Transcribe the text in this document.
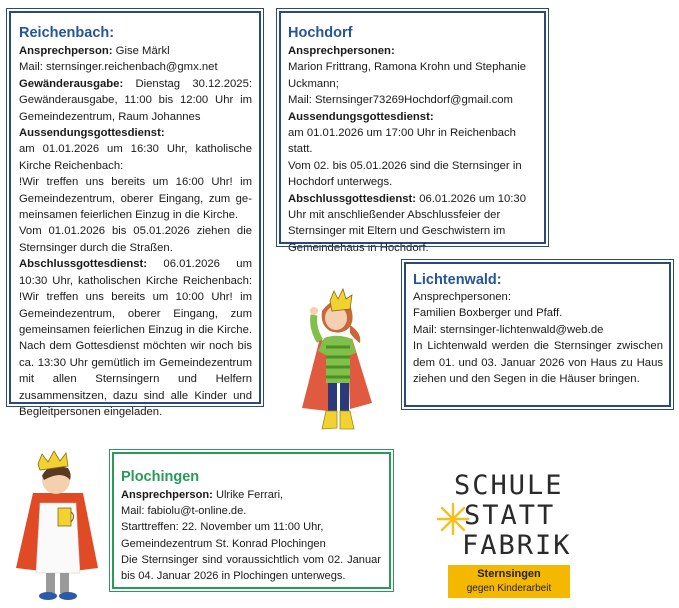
Reichenbach:

Ansprechperson: Gise Märkl

Mail: sternsinger.reichenbach@gmx.net

Gewänderausgabe: Dienstag 30.12.2025: Gewänderausgabe, 11:00 bis 12:00 Uhr im Gemeindezentrum, Raum Johannes

Aussendungsgottesdienst:

am 01.01.2026 um 16:30 Uhr, katholische Kirche Reichenbach:

!Wir treffen uns bereits um 16:00 Uhr! im Gemeindezentrum, oberer Eingang, zum gemeinsamen feierlichen Einzug in die Kirche.

Vom 01.01.2026 bis 05.01.2026 ziehen die Sternsinger durch die Straßen.

Abschlussgottesdienst: 06.01.2026 um 10:30 Uhr, katholischen Kirche Reichenbach: !Wir treffen uns bereits um 10:00 Uhr! im Gemeindezentrum, oberer Eingang, zum gemeinsamen feierlichen Einzug in die Kirche. Nach dem Gottesdienst möchten wir noch bis ca. 13:30 Uhr gemütlich im Gemeindezentrum mit allen Sternsingern und Helfern zusammensitzen, dazu sind alle Kinder und Begleitpersonen eingeladen.

Hochdorf

Ansprechpersonen:

Marion Frittrang, Ramona Krohn und Stephanie Uckmann;

Mail: Sternsinger73269Hochdorf@gmail.com

Aussendungsgottesdienst:

am 01.01.2026 um 17:00 Uhr in Reichenbach statt.

Vom 02. bis 05.01.2026 sind die Sternsinger in Hochdorf unterwegs.

Abschlussgottesdienst: 06.01.2026 um 10:30 Uhr mit anschließender Abschlussfeier der Sternsinger mit Eltern und Geschwistern im Gemeindehaus in Hochdorf.

Lichtenwald:

Ansprechpersonen:

Familien Boxberger und Pfaff.

Mail: sternsinger-lichtenwald@web.de

In Lichtenwald werden die Sternsinger zwischen dem 01. und 03. Januar 2026 von Haus zu Haus ziehen und den Segen in die Häuser bringen.

Plochingen

Ansprechperson: Ulrike Ferrari,

Mail: fabiolu@t-online.de.

Starttreffen: 22. November um 11:00 Uhr, Gemeindezentrum St. Konrad Plochingen

Die Sternsinger sind voraussichtlich vom 02. Januar bis 04. Januar 2026 in Plochingen unterwegs.

SCHULE
STATT
FABRIK
Sternsingen
gegen Kinderarbeit
